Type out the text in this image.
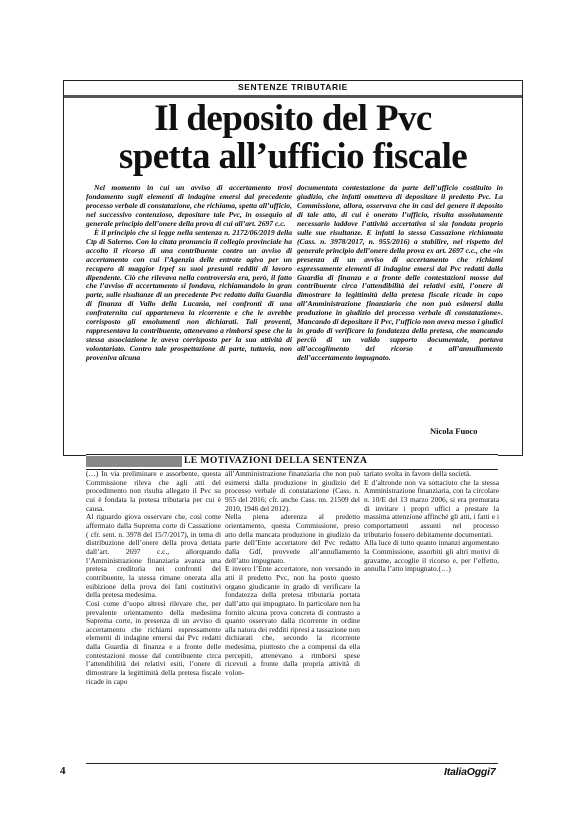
SENTENZE TRIBUTARIE
Il deposito del Pvc
spetta all’ufficio fiscale

Nel momento in cui un avviso di accertamento trovi fondamento sugli elementi di indagine emersi dal precedente processo verbale di constatazione, che richiama, spetta all’ufficio, nel successivo contenzioso, depositare tale Pvc, in ossequio al generale principio dell’onere della prova di cui all’art. 2697 c.c.

È il principio che si legge nella sentenza n. 2172/06/2019 della Ctp di Salerno. Con la citata pronuncia il collegio provinciale ha accolto il ricorso di una contribuente contro un avviso di accertamento con cui l’Agenzia delle entrate agiva per un recupero di maggior Irpef su suoi presunti redditi di lavoro dipendente. Ciò che rilevava nella controversia era, però, il fatto che l’avviso di accertamento si fondava, richiamandolo in gran parte, sulle risultanze di un precedente Pvc redatto dalla Guardia di finanza di Vallo della Lucania, nei confronti di una confraternita cui apparteneva la ricorrente e che le avrebbe corrisposto gli emolumenti non dichiarati. Tali proventi, rappresentava la contribuente, attenevano a rimborsi spese che la stessa associazione le aveva corrisposto per la sua attività di volontariato. Contro tale prospettazione di parte, tuttavia, non proveniva alcuna

documentata contestazione da parte dell’ufficio costituito in giudizio, che infatti ometteva di depositare il predetto Pvc. La Commissione, allora, osservava che in casi del genere il deposito di tale atto, di cui è onerato l’ufficio, risulta assolutamente necessario laddove l’attività accertativa si sia fondata proprio sulle sue risultanze. E infatti la stessa Cassazione richiamata (Cass. n. 3978/2017, n. 955/2016) a stabilire, nel rispetto del generale principio dell’onere della prova ex art. 2697 c.c., che «in presenza di un avviso di accertamento che richiami espressamente elementi di indagine emersi dai Pvc redatti dalla Guardia di finanza e a fronte delle contestazioni mosse dal contribuente circa l’attendibilità dei relativi esiti, l’onere di dimostrare la legittimità della pretesa fiscale ricade in capo all’Amministrazione finanziaria che non può esimersi dalla produzione in giudizio del processo verbale di constatazione». Mancando di depositare il Pvc, l’ufficio non aveva messo i giudici in grado di verificare la fondatezza della pretesa, che mancando perciò di un valido supporto documentale, portava all’accoglimento del ricorso e all’annullamento dell’accertamento impugnato.

Nicola Fuoco
LE MOTIVAZIONI DELLA SENTENZA

(…) In via preliminare e assorbente, questa Commissione rileva che agli atti del procedimento non risulta allegato il Pvc su cui è fondata la pretesa tributaria per cui è causa.

Al riguardo giova osservare che, così come affermato dalla Suprema corte di Cassazione ( cfr. sent. n. 3978 del 15/7/2017), in tema di distribuzione dell’onere della prova dettata dall’art. 2697 c.c., allorquando l’Amministrazione finanziaria avanza una pretesa creditoria nei confronti del contribuente, la stessa rimane onerata alla esibizione della prova dei fatti costitutivi della pretesa medesima.

Così come d’uopo altresì rilevare che, per prevalente orientamento della medesima Suprema corte, in presenza di un avviso di accertamento che richiami espressamente elementi di indagine emersi dai Pvc redatti dalla Guardia di finanza e a fronte delle contestazioni mosse dal contribuente circa l’attendibilità dei relativi esiti, l’onere di dimostrare la legittimità della pretesa fiscale ricade in capo

all’Amministrazione finanziaria che non può esimersi dalla produzione in giudizio del processo verbale di constatazione (Cass. n. 955 del 2016; cfr. anche Cass. nn. 21509 del 2010, 1946 del 2012).

Nella piena aderenza al predetto orientamento, questa Commissione, preso atto della mancata produzione in giudizio da parte dell’Ente accertatore del Pvc redatto dalla Gdf, provvede all’annullamento dell’atto impugnato.

E invero l’Ente accertatore, non versando in atti il predetto Pvc, non ha posto questo organo giudicante in grado di verificare la fondatezza della pretesa tributaria portata dall’atto qui impugnato. In particolare non ha fornito alcuna prova concreta di contrasto a quanto osservato dalla ricorrente in ordine alla natura dei redditi ripresi a tassazione non dichiarati che, secondo la ricorrente medesima, piuttosto che a compensi da ella percepiti, attenevano a rimborsi spese ricevuti a fronte dalla propria attività di volon-

tariato svolta in favore della società.

E d’altronde non va sottaciuto che la stessa Amministrazione finanziaria, con la circolare n. 10/E del 13 marzo 2006, si era premurata di invitare i propri uffici a prestare la massima attenzione affinché gli atti, i fatti e i comportamenti assunti nel processo tributario fossero debitamente documentati.

Alla luce di tutto quanto innanzi argomentato la Commissione, assorbiti gli altri motivi di gravame, accoglie il ricorso e, per l’effetto, annulla l’atto impugnato.(…)

4	ItaliaOggi7
